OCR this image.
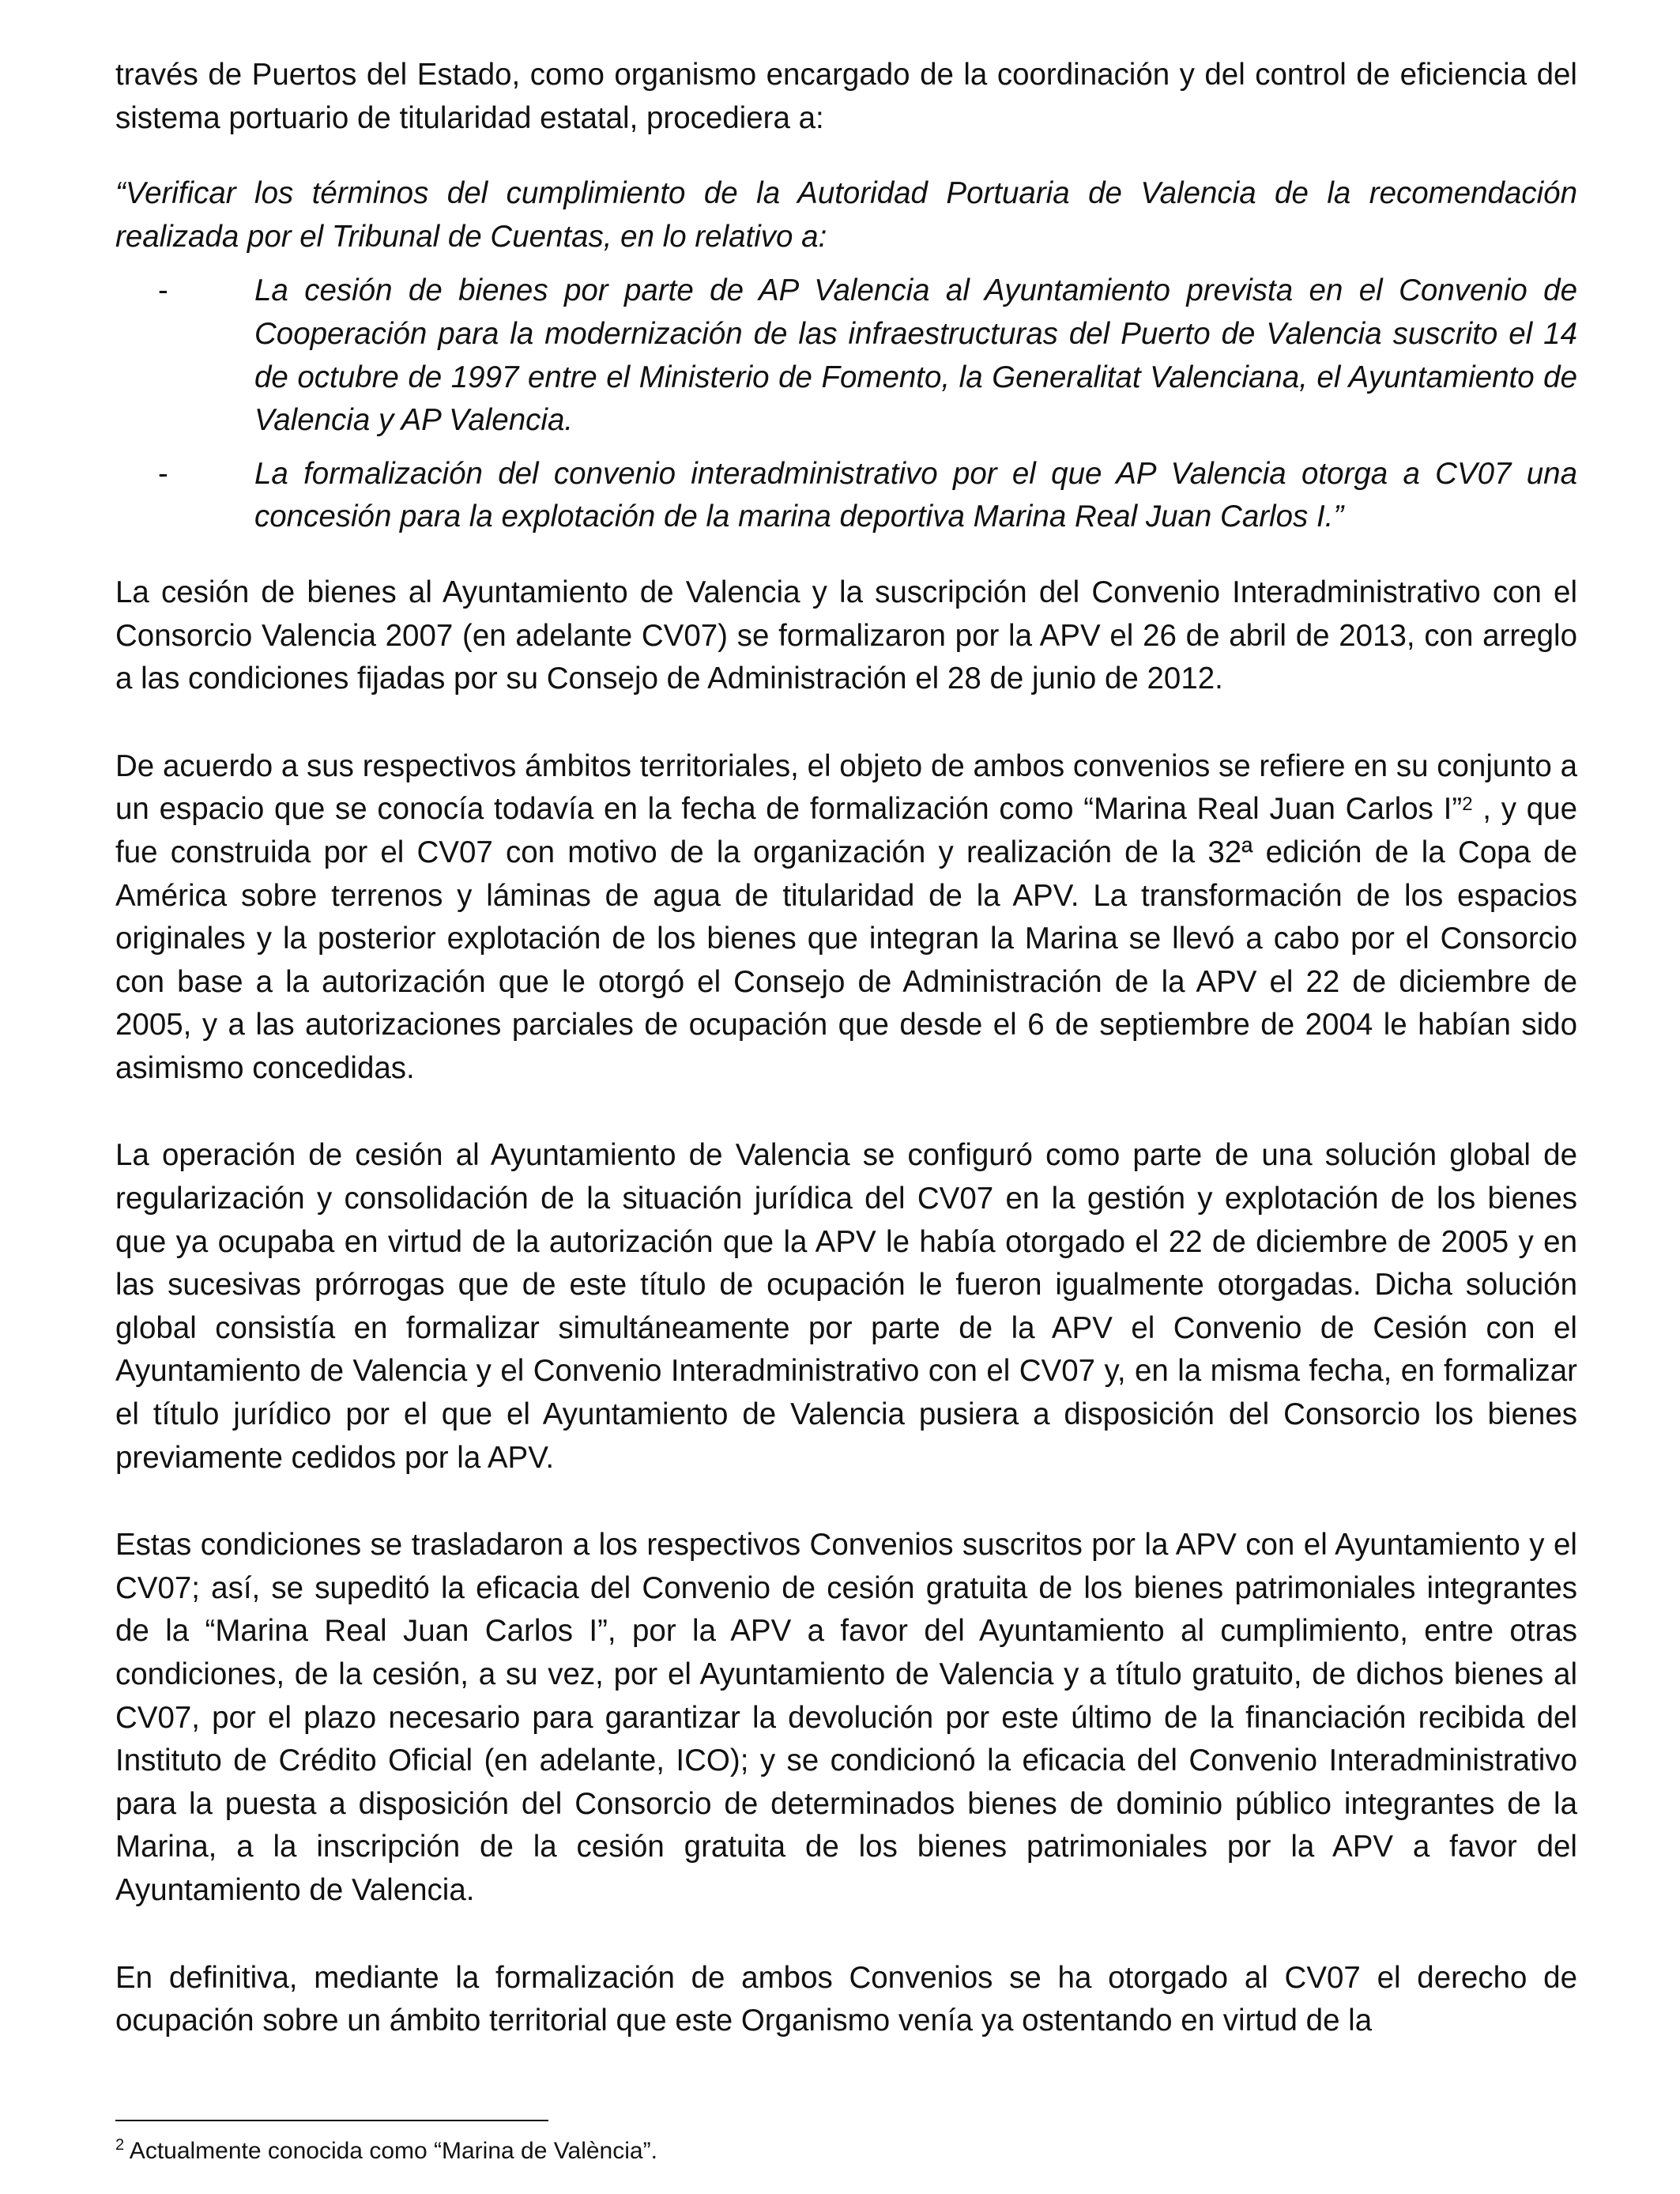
través de Puertos del Estado, como organismo encargado de la coordinación y del control de eficiencia del sistema portuario de titularidad estatal, procediera a:

“Verificar los términos del cumplimiento de la Autoridad Portuaria de Valencia de la recomendación realizada por el Tribunal de Cuentas, en lo relativo a:

-	La cesión de bienes por parte de AP Valencia al Ayuntamiento prevista en el Convenio de Cooperación para la modernización de las infraestructuras del Puerto de Valencia suscrito el 14 de octubre de 1997 entre el Ministerio de Fomento, la Generalitat Valenciana, el Ayuntamiento de Valencia y AP Valencia.
-	La formalización del convenio interadministrativo por el que AP Valencia otorga a CV07 una concesión para la explotación de la marina deportiva Marina Real Juan Carlos I.”

La cesión de bienes al Ayuntamiento de Valencia y la suscripción del Convenio Interadministrativo con el Consorcio Valencia 2007 (en adelante CV07) se formalizaron por la APV el 26 de abril de 2013, con arreglo a las condiciones fijadas por su Consejo de Administración el 28 de junio de 2012.

De acuerdo a sus respectivos ámbitos territoriales, el objeto de ambos convenios se refiere en su conjunto a un espacio que se conocía todavía en la fecha de formalización como “Marina Real Juan Carlos I”$^2$ , y que fue construida por el CV07 con motivo de la organización y realización de la 32ª edición de la Copa de América sobre terrenos y láminas de agua de titularidad de la APV. La transformación de los espacios originales y la posterior explotación de los bienes que integran la Marina se llevó a cabo por el Consorcio con base a la autorización que le otorgó el Consejo de Administración de la APV el 22 de diciembre de 2005, y a las autorizaciones parciales de ocupación que desde el 6 de septiembre de 2004 le habían sido asimismo concedidas.

La operación de cesión al Ayuntamiento de Valencia se configuró como parte de una solución global de regularización y consolidación de la situación jurídica del CV07 en la gestión y explotación de los bienes que ya ocupaba en virtud de la autorización que la APV le había otorgado el 22 de diciembre de 2005 y en las sucesivas prórrogas que de este título de ocupación le fueron igualmente otorgadas. Dicha solución global consistía en formalizar simultáneamente por parte de la APV el Convenio de Cesión con el Ayuntamiento de Valencia y el Convenio Interadministrativo con el CV07 y, en la misma fecha, en formalizar el título jurídico por el que el Ayuntamiento de Valencia pusiera a disposición del Consorcio los bienes previamente cedidos por la APV.

Estas condiciones se trasladaron a los respectivos Convenios suscritos por la APV con el Ayuntamiento y el CV07; así, se supeditó la eficacia del Convenio de cesión gratuita de los bienes patrimoniales integrantes de la “Marina Real Juan Carlos I”, por la APV a favor del Ayuntamiento al cumplimiento, entre otras condiciones, de la cesión, a su vez, por el Ayuntamiento de Valencia y a título gratuito, de dichos bienes al CV07, por el plazo necesario para garantizar la devolución por este último de la financiación recibida del Instituto de Crédito Oficial (en adelante, ICO); y se condicionó la eficacia del Convenio Interadministrativo para la puesta a disposición del Consorcio de determinados bienes de dominio público integrantes de la Marina, a la inscripción de la cesión gratuita de los bienes patrimoniales por la APV a favor del Ayuntamiento de Valencia.

En definitiva, mediante la formalización de ambos Convenios se ha otorgado al CV07 el derecho de ocupación sobre un ámbito territorial que este Organismo venía ya ostentando en virtud de la

$^2$ Actualmente conocida como “Marina de València”.
